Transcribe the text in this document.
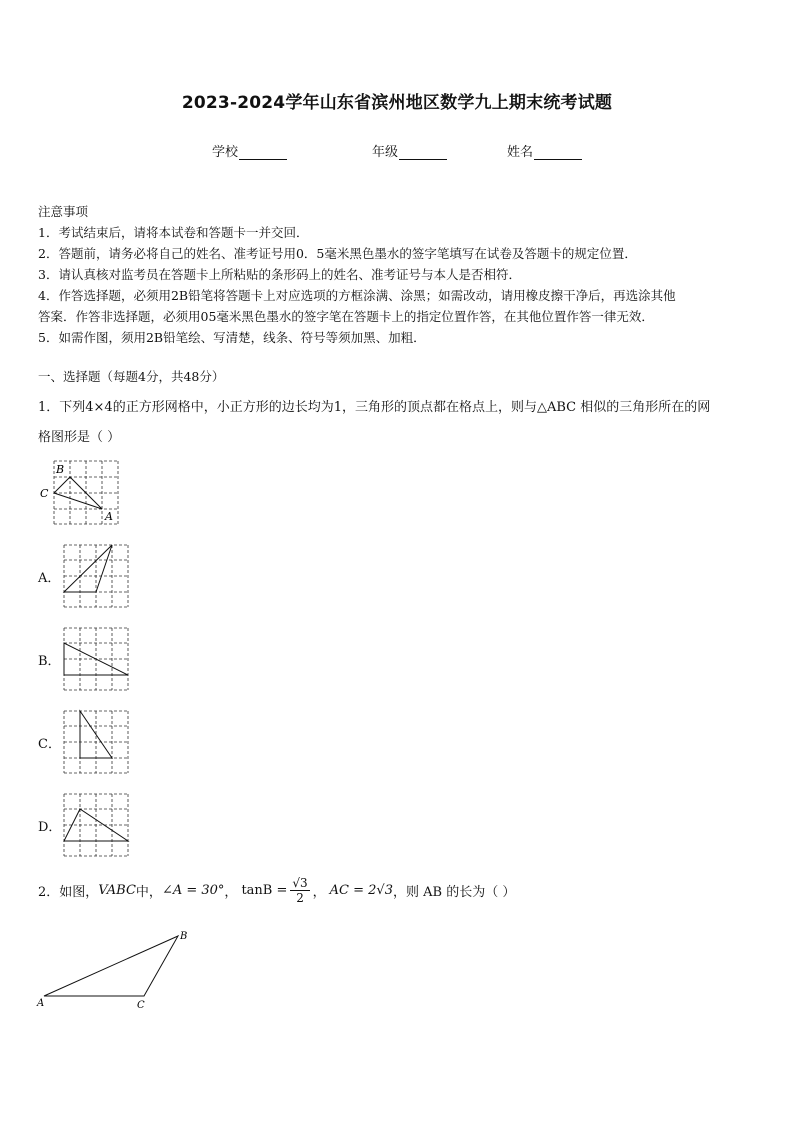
2023-2024学年山东省滨州地区数学九上期末统考试题
学校	年级	姓名
注意事项
1．考试结束后，请将本试卷和答题卡一并交回．
2．答题前，请务必将自己的姓名、准考证号用0．5毫米黑色墨水的签字笔填写在试卷及答题卡的规定位置．
3．请认真核对监考员在答题卡上所粘贴的条形码上的姓名、准考证号与本人是否相符．
4．作答选择题，必须用2B铅笔将答题卡上对应选项的方框涂满、涂黑；如需改动，请用橡皮擦干净后，再选涂其他
答案．作答非选择题，必须用05毫米黑色墨水的签字笔在答题卡上的指定位置作答，在其他位置作答一律无效．
5．如需作图，须用2B铅笔绘、写清楚，线条、符号等须加黑、加粗．
一、选择题（每题4分，共48分）
1．下列4×4的正方形网格中，小正方形的边长均为1，三角形的顶点都在格点上，则与△ABC 相似的三角形所在的网
格图形是（ ）
B
C
A
A．
B．
C．
D．
2．如图， VABC 中， ∠A = 30° ， $\tan B = \frac{√3}{2}$ ， AC = 2√3 ，则 AB 的长为（ ）
A
B
C
